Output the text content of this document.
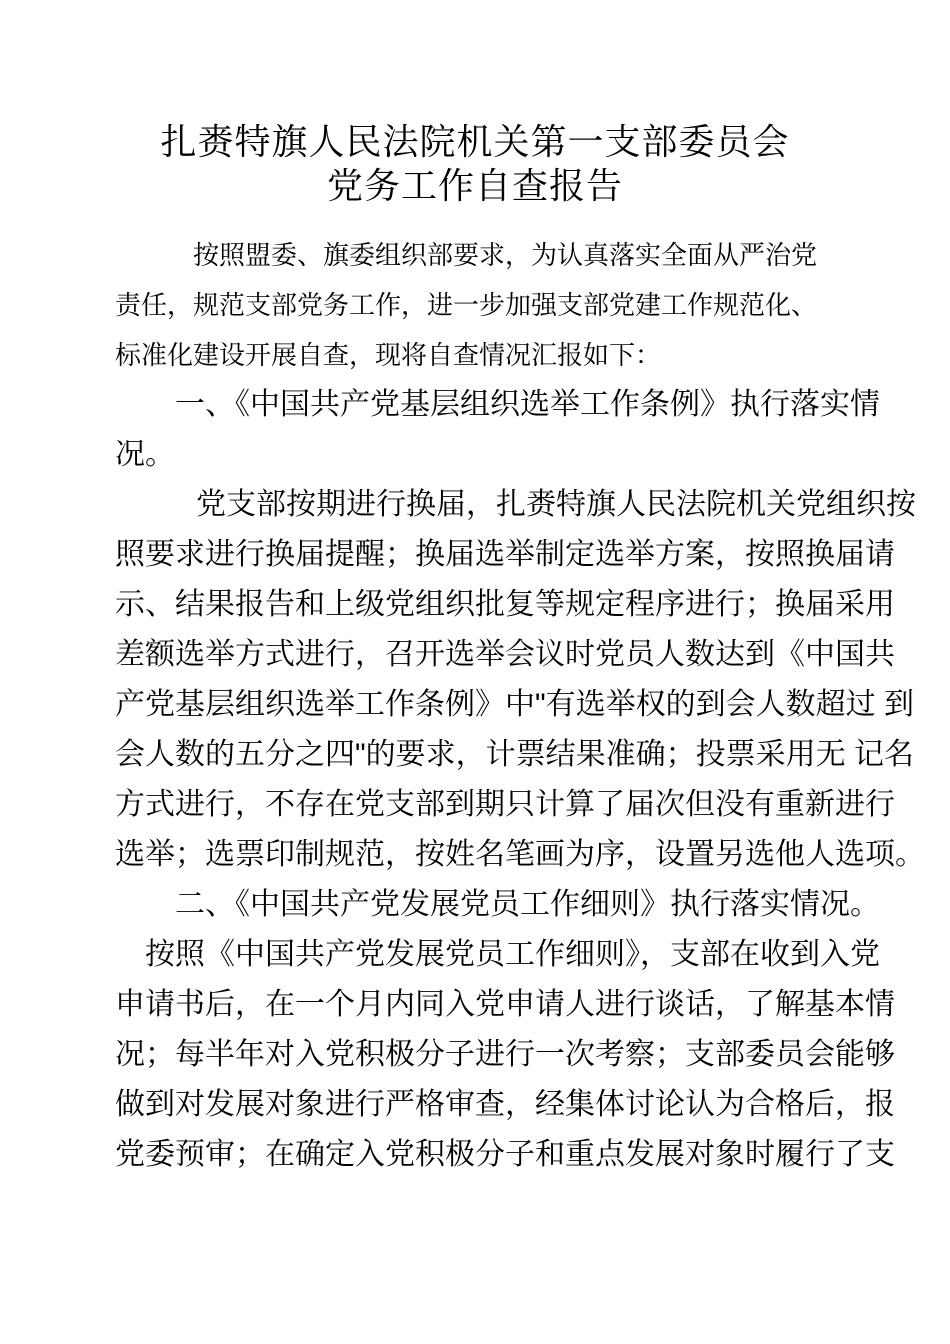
扎赉特旗人民法院机关第一支部委员会
党务工作自查报告
按照盟委、旗委组织部要求，为认真落实全面从严治党
责任，规范支部党务工作，进一步加强支部党建工作规范化、
标准化建设开展自查，现将自查情况汇报如下：
一、《中国共产党基层组织选举工作条例》执行落实情
况。
党支部按期进行换届，扎赉特旗人民法院机关党组织按
照要求进行换届提醒；换届选举制定选举方案，按照换届请
示、结果报告和上级党组织批复等规定程序进行；换届采用
差额选举方式进行，召开选举会议时党员人数达到《中国共
产党基层组织选举工作条例》中"有选举权的到会人数超过 到
会人数的五分之四"的要求，计票结果准确；投票采用无 记名
方式进行，不存在党支部到期只计算了届次但没有重新进行
选举；选票印制规范，按姓名笔画为序，设置另选他人选项。
二、《中国共产党发展党员工作细则》执行落实情况。
按照《中国共产党发展党员工作细则》，支部在收到入党
申请书后，在一个月内同入党申请人进行谈话，了解基本情
况；每半年对入党积极分子进行一次考察；支部委员会能够
做到对发展对象进行严格审查，经集体讨论认为合格后，报
党委预审；在确定入党积极分子和重点发展对象时履行了支
